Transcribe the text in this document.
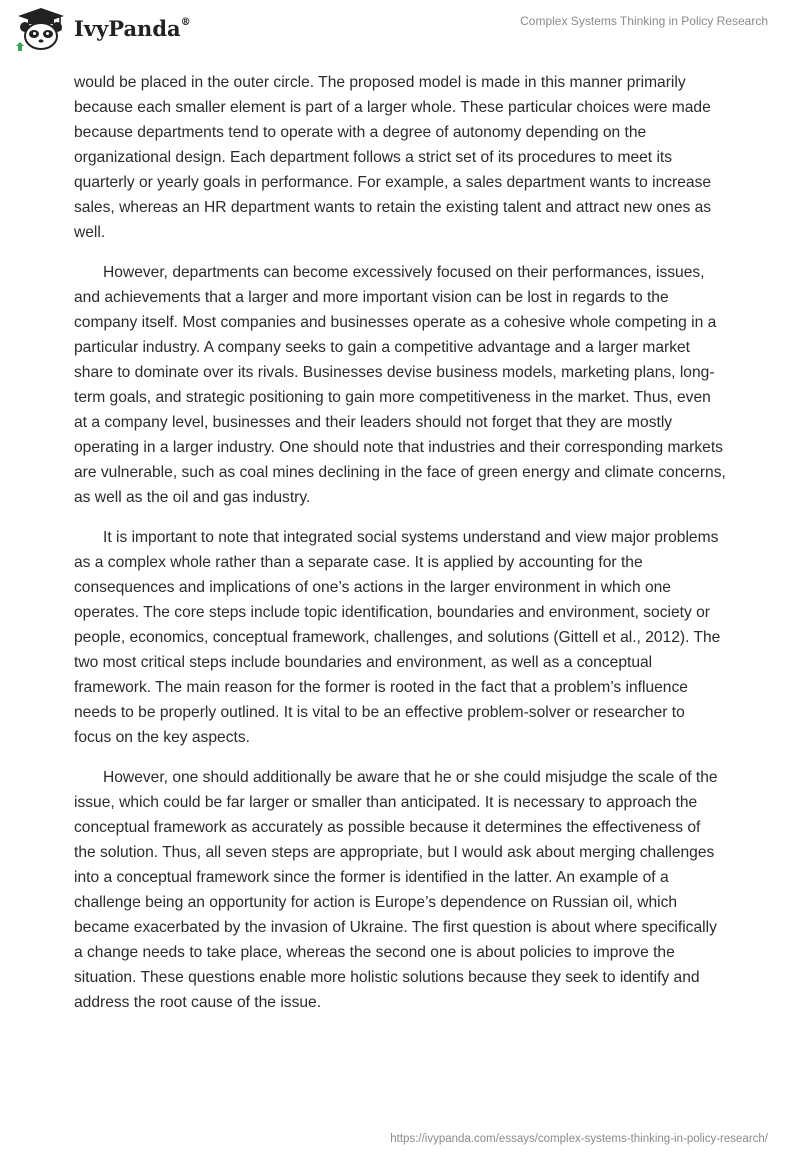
IvyPanda®	Complex Systems Thinking in Policy Research

would be placed in the outer circle. The proposed model is made in this manner primarily because each smaller element is part of a larger whole. These particular choices were made because departments tend to operate with a degree of autonomy depending on the organizational design. Each department follows a strict set of its procedures to meet its quarterly or yearly goals in performance. For example, a sales department wants to increase sales, whereas an HR department wants to retain the existing talent and attract new ones as well.

However, departments can become excessively focused on their performances, issues, and achievements that a larger and more important vision can be lost in regards to the company itself. Most companies and businesses operate as a cohesive whole competing in a particular industry. A company seeks to gain a competitive advantage and a larger market share to dominate over its rivals. Businesses devise business models, marketing plans, long-term goals, and strategic positioning to gain more competitiveness in the market. Thus, even at a company level, businesses and their leaders should not forget that they are mostly operating in a larger industry. One should note that industries and their corresponding markets are vulnerable, such as coal mines declining in the face of green energy and climate concerns, as well as the oil and gas industry.

It is important to note that integrated social systems understand and view major problems as a complex whole rather than a separate case. It is applied by accounting for the consequences and implications of one’s actions in the larger environment in which one operates. The core steps include topic identification, boundaries and environment, society or people, economics, conceptual framework, challenges, and solutions (Gittell et al., 2012). The two most critical steps include boundaries and environment, as well as a conceptual framework. The main reason for the former is rooted in the fact that a problem’s influence needs to be properly outlined. It is vital to be an effective problem-solver or researcher to focus on the key aspects.

However, one should additionally be aware that he or she could misjudge the scale of the issue, which could be far larger or smaller than anticipated. It is necessary to approach the conceptual framework as accurately as possible because it determines the effectiveness of the solution. Thus, all seven steps are appropriate, but I would ask about merging challenges into a conceptual framework since the former is identified in the latter. An example of a challenge being an opportunity for action is Europe’s dependence on Russian oil, which became exacerbated by the invasion of Ukraine. The first question is about where specifically a change needs to take place, whereas the second one is about policies to improve the situation. These questions enable more holistic solutions because they seek to identify and address the root cause of the issue.

https://ivypanda.com/essays/complex-systems-thinking-in-policy-research/
